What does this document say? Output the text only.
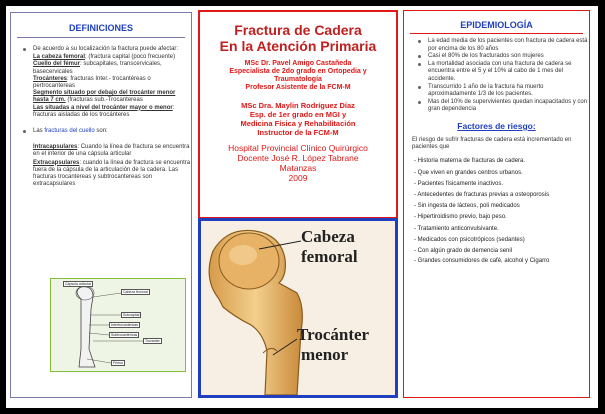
DEFINICIONES
De acuerdo a su localización la fractura puede afectar:
La cabeza femoral; (fractura capital (poco frecuente)
Cuello del fémur: subcapitales, transcervicales, basecervicales
Trocánteres: fracturas Inter.- trocantéreas o pertrocantereas
Segmento situado por debajo del trocánter menor hasta 7 cm. (fracturas sub.-Trocantereas
Las situadas a nivel del trocánter mayor o menor: fracturas aisladas de los trocánteres
Las fracturas del cuello son:
Intracapsulares: Cuando la línea de fractura se encuentra en el interior de una cápsula articular
Extracapsulares: cuando la línea de fractura se encuentra fuera de la cápsula de la articulación de la cadera. Las fracturas trocantereas y subtrocantereas son extracapsulares
Cápsula articular
Cabeza femoral
Subcapital
Intertrocantéricas
Subtrocantéricas
Trocánter
Fémur
Fractura de Cadera
En la Atención Primaria
MSc Dr. Pavel Amigo Castañeda
Especialista de 2do grado en Ortopedia y
Traumatología
Profesor Asistente de la FCM-M
MSc Dra. Maylin Rodríguez Díaz
Esp. de 1er grado en MGI y
Medicina Física y Rehabilitación
Instructor de la FCM-M
Hospital Provincial Clínico Quirúrgico
Docente José R. López Tabrane
Matanzas
2009
Cabeza
femoral
Trocánter
menor
EPIDEMIOLOGÍA
La edad media de los pacientes con fractura de cadera está por encima de los 80 años
Casi el 80% de los fracturados son mujeres
La mortalidad asociada con una fractura de cadera se encuentra entre el 5 y el 10% al cabo de 1 mes del accidente.
Transcurrido 1 año de la fractura ha muerto aproximadamente 1/3 de los pacientes.
Mas del 10% de supervivientes quedan incapacitados y con gran dependencia
Factores de riesgo:
El riesgo de sufrir fracturas de cadera está incrementado en pacientes que
- Historia materna de fracturas de cadera.
- Que viven en grandes centros urbanos.
- Pacientes físicamente inactivos.
- Antecedentes de fracturas previas a osteoporosis
- Sin ingesta de lácteos, poli medicados
- Hipertiroidismo previo, bajo peso.
- Tratamiento anticonvulsivante.
- Medicados con psicotrópicos (sedantes)
- Con algún grado de demencia senil
- Grandes consumidores de café, alcohol y Cigarro
